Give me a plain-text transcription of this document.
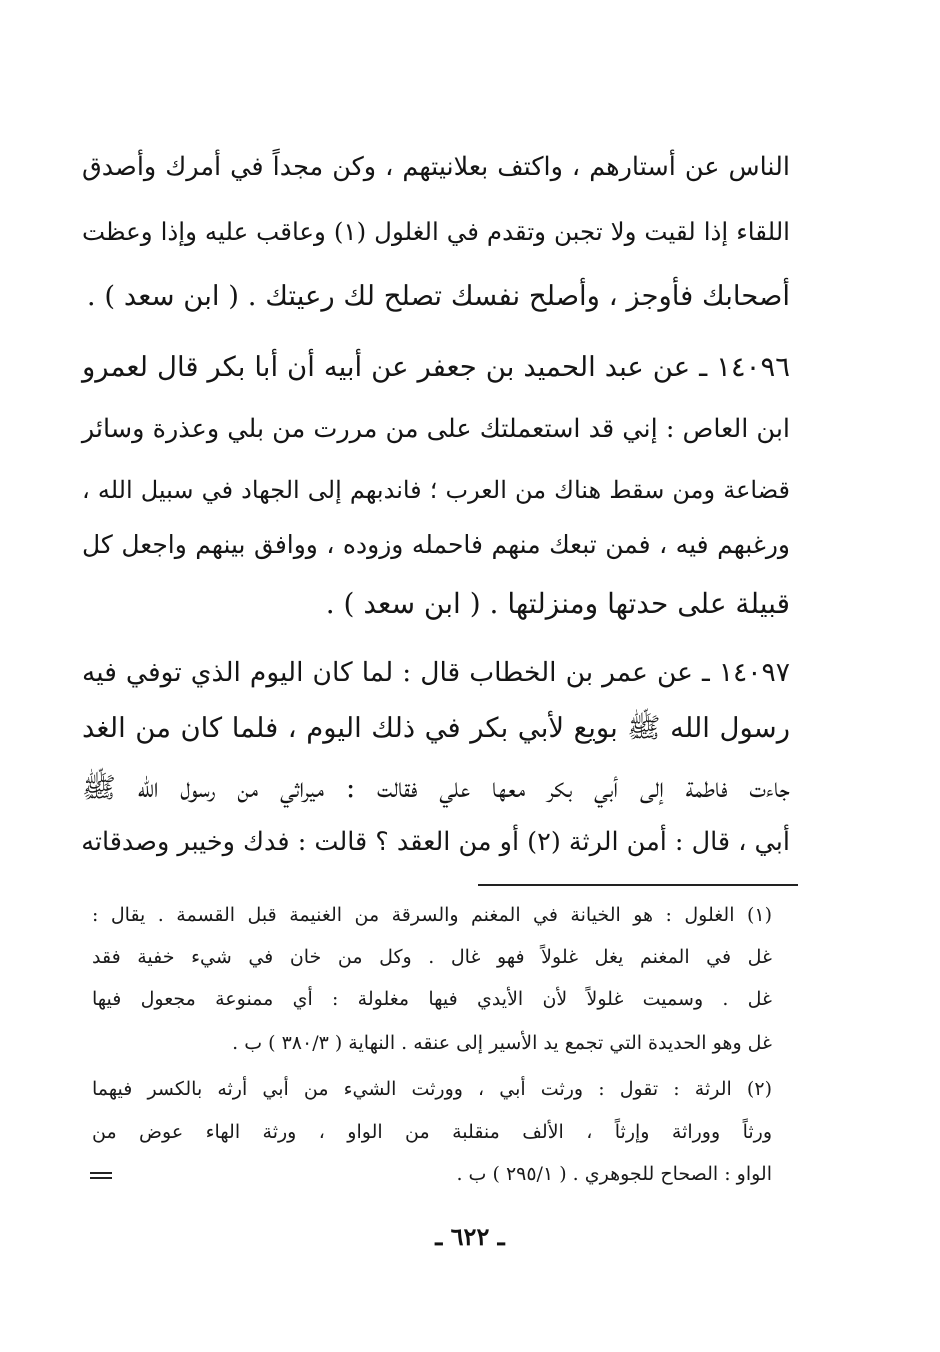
الناس عن أستارهم ، واكتف بعلانيتهم ، وكن مجداً في أمرك وأصدق
اللقاء إذا لقيت ولا تجبن وتقدم في الغلول (١) وعاقب عليه وإذا وعظت
أصحابك فأوجز ، وأصلح نفسك تصلح لك رعيتك . ( ابن سعد ) .
١٤٠٩٦ ـ عن عبد الحميد بن جعفر عن أبيه أن أبا بكر قال لعمرو
ابن العاص : إني قد استعملتك على من مررت من بلي وعذرة وسائر
قضاعة ومن سقط هناك من العرب ؛ فاندبهم إلى الجهاد في سبيل الله ،
ورغبهم فيه ، فمن تبعك منهم فاحمله وزوده ، ووافق بينهم واجعل كل
قبيلة على حدتها ومنزلتها . ( ابن سعد ) .
١٤٠٩٧ ـ عن عمر بن الخطاب قال : لما كان اليوم الذي توفي فيه
رسول الله ﷺ بويع لأبي بكر في ذلك اليوم ، فلما كان من الغد
جاءت فاطمة إلى أبي بكر معها علي فقالت : ميراثي من رسول الله ﷺ
أبي ، قال : أمن الرثة (٢) أو من العقد ؟ قالت : فدك وخيبر وصدقاته
(١) الغلول : هو الخيانة في المغنم والسرقة من الغنيمة قبل القسمة . يقال :
غل في المغنم يغل غلولاً فهو غال . وكل من خان في شيء خفية فقد
غل . وسميت غلولاً لأن الأيدي فيها مغلولة : أي ممنوعة مجعول فيها
غل وهو الحديدة التي تجمع يد الأسير إلى عنقه . النهاية ( ٣٨٠/٣ ) ب .
(٢) الرثة : تقول : ورثت أبي ، وورثت الشيء من أبي أرثه بالكسر فيهما
ورثاً ووراثة وإرثاً ، الألف منقلبة من الواو ، ورثة الهاء عوض من
الواو : الصحاح للجوهري . ( ٢٩٥/١ ) ب .
ـ ٦٢٢ ـ
